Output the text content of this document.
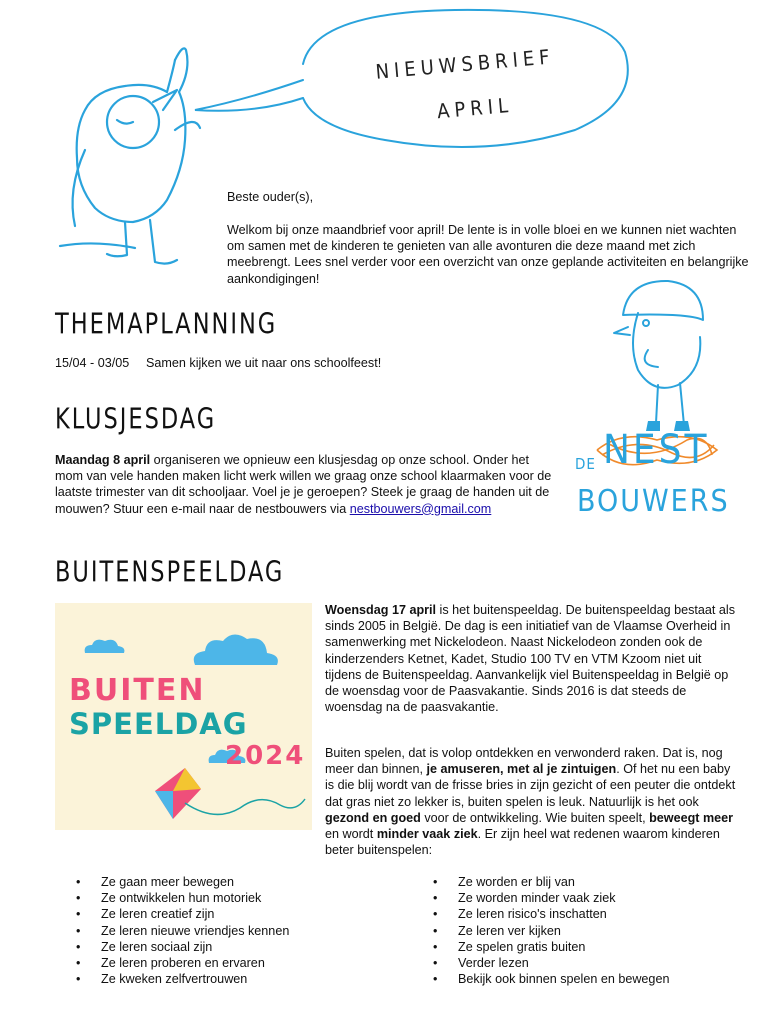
NIEUWSBRIEF
APRIL
Beste ouder(s),
Welkom bij onze maandbrief voor april! De lente is in volle bloei en we kunnen niet wachten om samen met de kinderen te genieten van alle avonturen die deze maand met zich meebrengt. Lees snel verder voor een overzicht van onze geplande activiteiten en belangrijke aankondigingen!
THEMAPLANNING
15/04 - 03/05 Samen kijken we uit naar ons schoolfeest!
KLUSJESDAG
Maandag 8 april organiseren we opnieuw een klusjesdag op onze school. Onder het mom van vele handen maken licht werk willen we graag onze school klaarmaken voor de laatste trimester van dit schooljaar. Voel je je geroepen? Steek je graag de handen uit de mouwen? Stuur een e-mail naar de nestbouwers via nestbouwers@gmail.com
DE NEST
BOUWERS
BUITENSPEELDAG
BUITEN
SPEELDAG
2024
Woensdag 17 april is het buitenspeeldag. De buitenspeeldag bestaat als sinds 2005 in België. De dag is een initiatief van de Vlaamse Overheid in samenwerking met Nickelodeon. Naast Nickelodeon zonden ook de kinderzenders Ketnet, Kadet, Studio 100 TV en VTM Kzoom niet uit tijdens de Buitenspeeldag. Aanvankelijk viel Buitenspeeldag in België op de woensdag voor de Paasvakantie. Sinds 2016 is dat steeds de woensdag na de paasvakantie.
Buiten spelen, dat is volop ontdekken en verwonderd raken. Dat is, nog meer dan binnen, je amuseren, met al je zintuigen. Of het nu een baby is die blij wordt van de frisse bries in zijn gezicht of een peuter die ontdekt dat gras niet zo lekker is, buiten spelen is leuk. Natuurlijk is het ook gezond en goed voor de ontwikkeling. Wie buiten speelt, beweegt meer en wordt minder vaak ziek. Er zijn heel wat redenen waarom kinderen beter buitenspelen:
• Ze gaan meer bewegen
• Ze ontwikkelen hun motoriek
• Ze leren creatief zijn
• Ze leren nieuwe vriendjes kennen
• Ze leren sociaal zijn
• Ze leren proberen en ervaren
• Ze kweken zelfvertrouwen
• Ze worden er blij van
• Ze worden minder vaak ziek
• Ze leren risico's inschatten
• Ze leren ver kijken
• Ze spelen gratis buiten
• Verder lezen
• Bekijk ook binnen spelen en bewegen
